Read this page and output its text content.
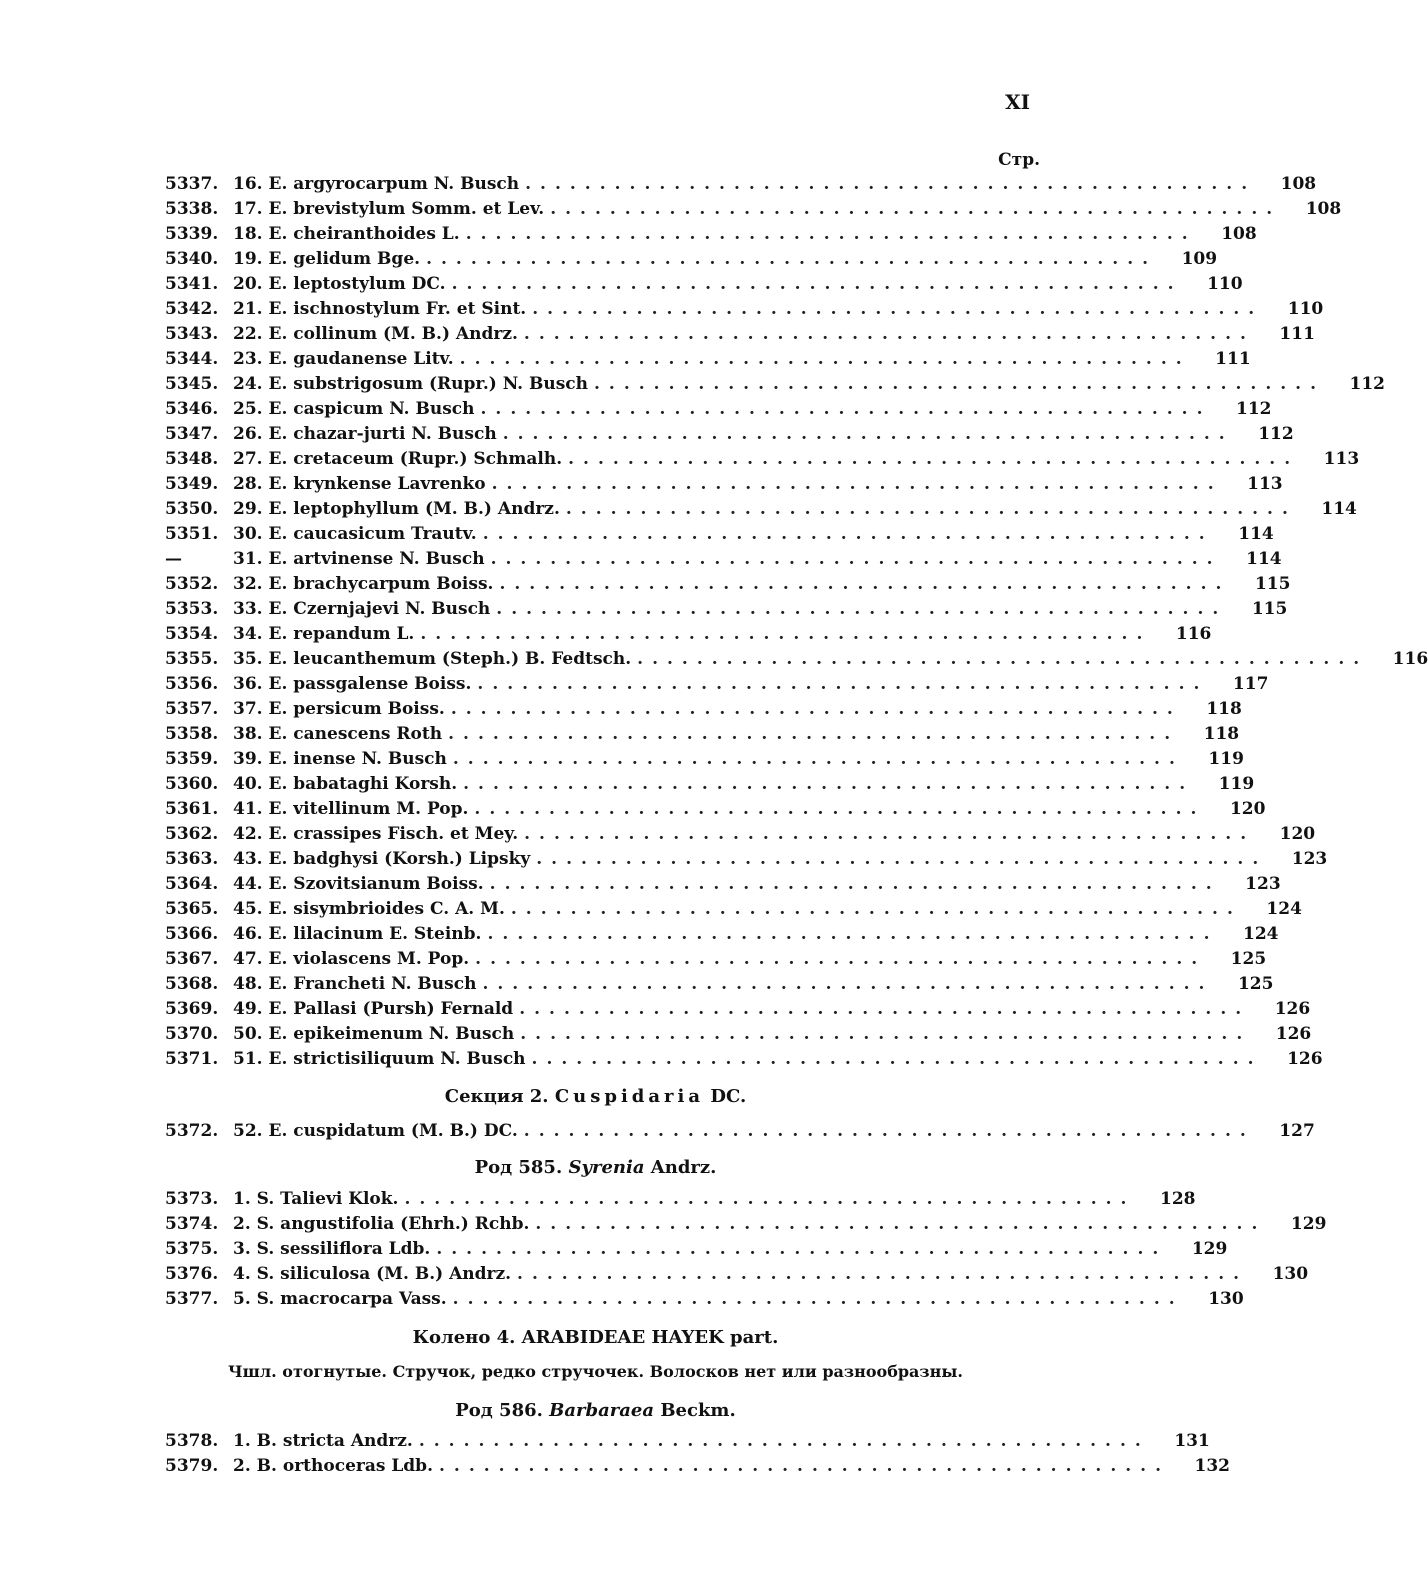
XI
Стр.
5337. 16. E. argyrocarpum N. Busch .................................................	108
5338. 17. E. brevistylum Somm. et Lev. .................................................	108
5339. 18. E. cheiranthoides L. .................................................	108
5340. 19. E. gelidum Bge. .................................................	109
5341. 20. E. leptostylum DC. .................................................	110
5342. 21. E. ischnostylum Fr. et Sint. .................................................	110
5343. 22. E. collinum (M. B.) Andrz. .................................................	111
5344. 23. E. gaudanense Litv. .................................................	111
5345. 24. E. substrigosum (Rupr.) N. Busch .................................................	112
5346. 25. E. caspicum N. Busch .................................................	112
5347. 26. E. chazar-jurti N. Busch .................................................	112
5348. 27. E. cretaceum (Rupr.) Schmalh. .................................................	113
5349. 28. E. krynkense Lavrenko .................................................	113
5350. 29. E. leptophyllum (M. B.) Andrz. .................................................	114
5351. 30. E. caucasicum Trautv. .................................................	114
—	31. E. artvinense N. Busch .................................................	114
5352. 32. E. brachycarpum Boiss. .................................................	115
5353. 33. E. Czernjajevi N. Busch .................................................	115
5354. 34. E. repandum L. .................................................	116
5355. 35. E. leucanthemum (Steph.) B. Fedtsch. .................................................	116
5356. 36. E. passgalense Boiss. .................................................	117
5357. 37. E. persicum Boiss. .................................................	118
5358. 38. E. canescens Roth .................................................	118
5359. 39. E. inense N. Busch .................................................	119
5360. 40. E. babataghi Korsh. .................................................	119
5361. 41. E. vitellinum M. Pop. .................................................	120
5362. 42. E. crassipes Fisch. et Mey. .................................................	120
5363. 43. E. badghysi (Korsh.) Lipsky .................................................	123
5364. 44. E. Szovitsianum Boiss. .................................................	123
5365. 45. E. sisymbrioides C. A. M. .................................................	124
5366. 46. E. lilacinum E. Steinb. .................................................	124
5367. 47. E. violascens M. Pop. .................................................	125
5368. 48. E. Francheti N. Busch .................................................	125
5369. 49. E. Pallasi (Pursh) Fernald .................................................	126
5370. 50. E. epikeimenum N. Busch .................................................	126
5371. 51. E. strictisiliquum N. Busch .................................................	126
Секция 2. Cuspidaria DC.
5372. 52. E. cuspidatum (M. B.) DC. .................................................	127
Род 585. Syrenia Andrz.
5373. 1. S. Talievi Klok. .................................................	128
5374. 2. S. angustifolia (Ehrh.) Rchb. .................................................	129
5375. 3. S. sessiliflora Ldb. .................................................	129
5376. 4. S. siliculosa (M. B.) Andrz. .................................................	130
5377. 5. S. macrocarpa Vass. .................................................	130
Колено 4. ARABIDEAE HAYEK part.
Чшл. отогнутые. Стручок, редко стручочек. Волосков нет или разнообразны.
Род 586. Barbaraea Beckm.
5378. 1. B. stricta Andrz. .................................................	131
5379. 2. B. orthoceras Ldb. .................................................	132
